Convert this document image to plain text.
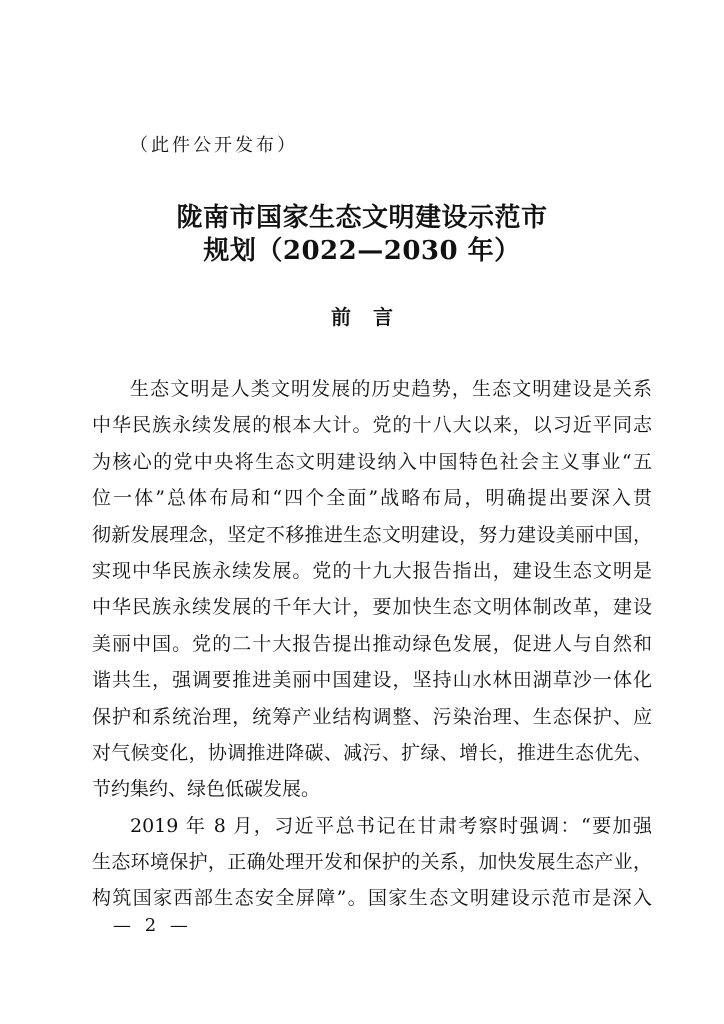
（此件公开发布）
陇南市国家生态文明建设示范市
规划（2022—2030 年）
前言
生态文明是人类文明发展的历史趋势，生态文明建设是关系
中华民族永续发展的根本大计。党的十八大以来，以习近平同志
为核心的党中央将生态文明建设纳入中国特色社会主义事业“五
位一体”总体布局和“四个全面”战略布局，明确提出要深入贯
彻新发展理念，坚定不移推进生态文明建设，努力建设美丽中国，
实现中华民族永续发展。党的十九大报告指出，建设生态文明是
中华民族永续发展的千年大计，要加快生态文明体制改革，建设
美丽中国。党的二十大报告提出推动绿色发展，促进人与自然和
谐共生，强调要推进美丽中国建设，坚持山水林田湖草沙一体化
保护和系统治理，统筹产业结构调整、污染治理、生态保护、应
对气候变化，协调推进降碳、减污、扩绿、增长，推进生态优先、
节约集约、绿色低碳发展。
2019 年 8 月，习近平总书记在甘肃考察时强调：“要加强
生态环境保护，正确处理开发和保护的关系，加快发展生态产业，
构筑国家西部生态安全屏障”。国家生态文明建设示范市是深入
— 2 —
